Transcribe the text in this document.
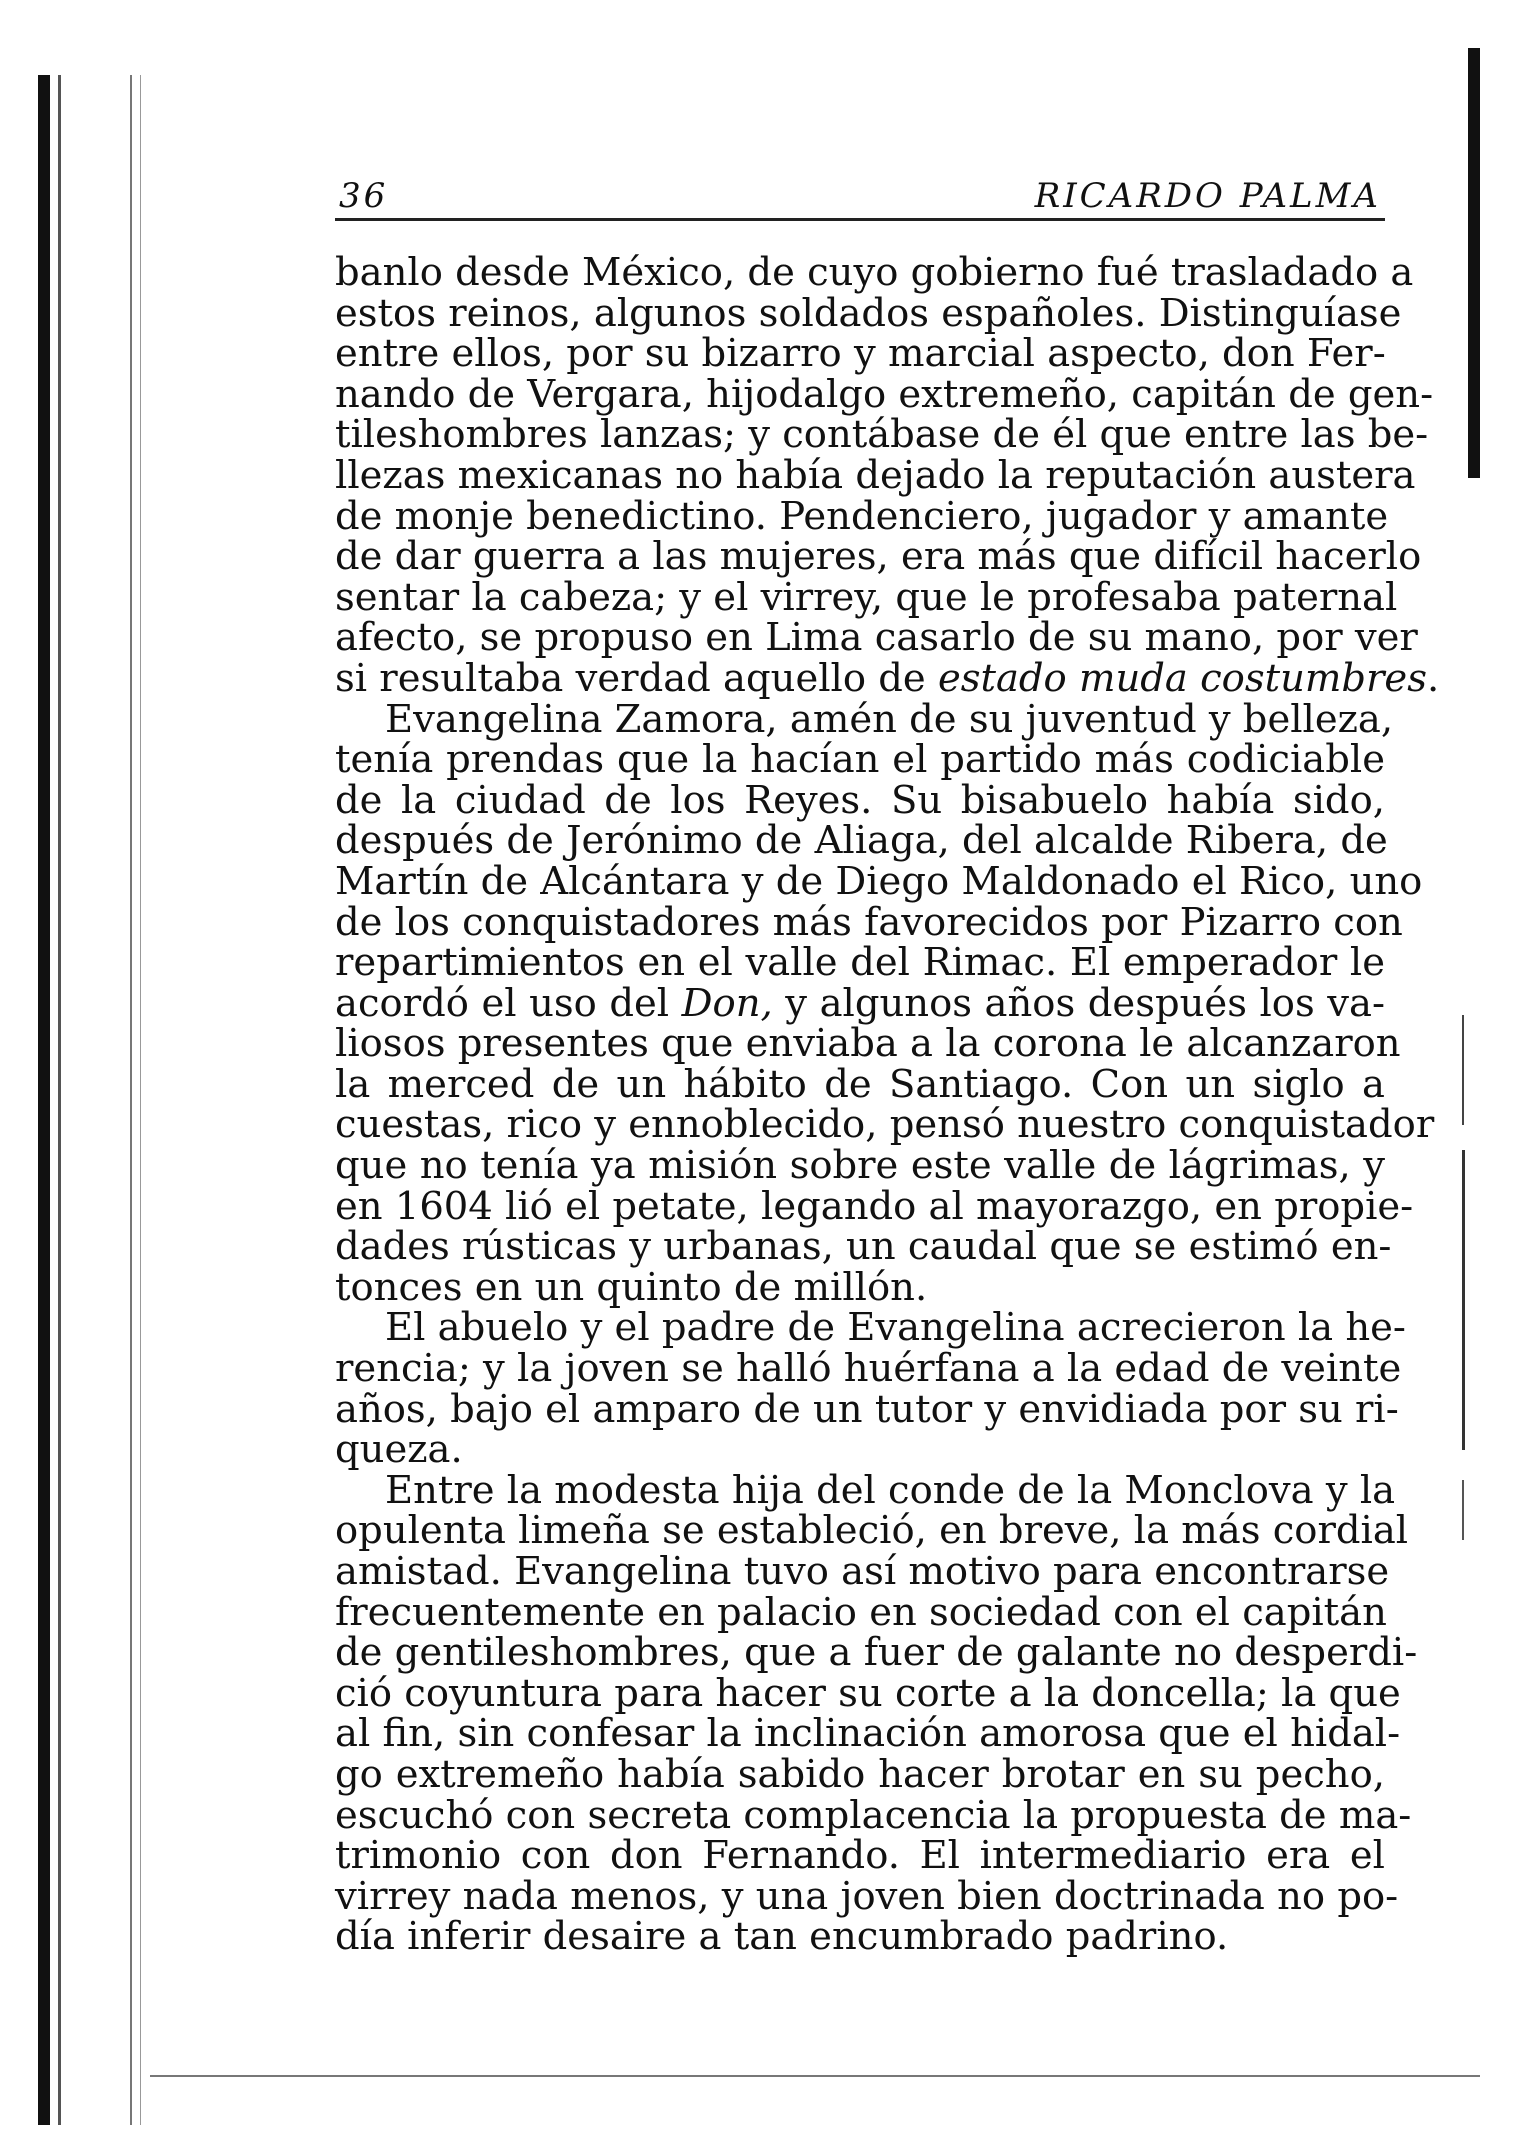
36	RICARDO PALMA
banlo desde México, de cuyo gobierno fué trasladado a
estos reinos, algunos soldados españoles. Distinguíase
entre ellos, por su bizarro y marcial aspecto, don Fer-
nando de Vergara, hijodalgo extremeño, capitán de gen-
tileshombres lanzas; y contábase de él que entre las be-
llezas mexicanas no había dejado la reputación austera
de monje benedictino. Pendenciero, jugador y amante
de dar guerra a las mujeres, era más que difícil hacerlo
sentar la cabeza; y el virrey, que le profesaba paternal
afecto, se propuso en Lima casarlo de su mano, por ver
si resultaba verdad aquello de estado muda costumbres.
Evangelina Zamora, amén de su juventud y belleza,
tenía prendas que la hacían el partido más codiciable
de la ciudad de los Reyes. Su bisabuelo había sido,
después de Jerónimo de Aliaga, del alcalde Ribera, de
Martín de Alcántara y de Diego Maldonado el Rico, uno
de los conquistadores más favorecidos por Pizarro con
repartimientos en el valle del Rimac. El emperador le
acordó el uso del Don, y algunos años después los va-
liosos presentes que enviaba a la corona le alcanzaron
la merced de un hábito de Santiago. Con un siglo a
cuestas, rico y ennoblecido, pensó nuestro conquistador
que no tenía ya misión sobre este valle de lágrimas, y
en 1604 lió el petate, legando al mayorazgo, en propie-
dades rústicas y urbanas, un caudal que se estimó en-
tonces en un quinto de millón.
El abuelo y el padre de Evangelina acrecieron la he-
rencia; y la joven se halló huérfana a la edad de veinte
años, bajo el amparo de un tutor y envidiada por su ri-
queza.
Entre la modesta hija del conde de la Monclova y la
opulenta limeña se estableció, en breve, la más cordial
amistad. Evangelina tuvo así motivo para encontrarse
frecuentemente en palacio en sociedad con el capitán
de gentileshombres, que a fuer de galante no desperdi-
ció coyuntura para hacer su corte a la doncella; la que
al fin, sin confesar la inclinación amorosa que el hidal-
go extremeño había sabido hacer brotar en su pecho,
escuchó con secreta complacencia la propuesta de ma-
trimonio con don Fernando. El intermediario era el
virrey nada menos, y una joven bien doctrinada no po-
día inferir desaire a tan encumbrado padrino.
